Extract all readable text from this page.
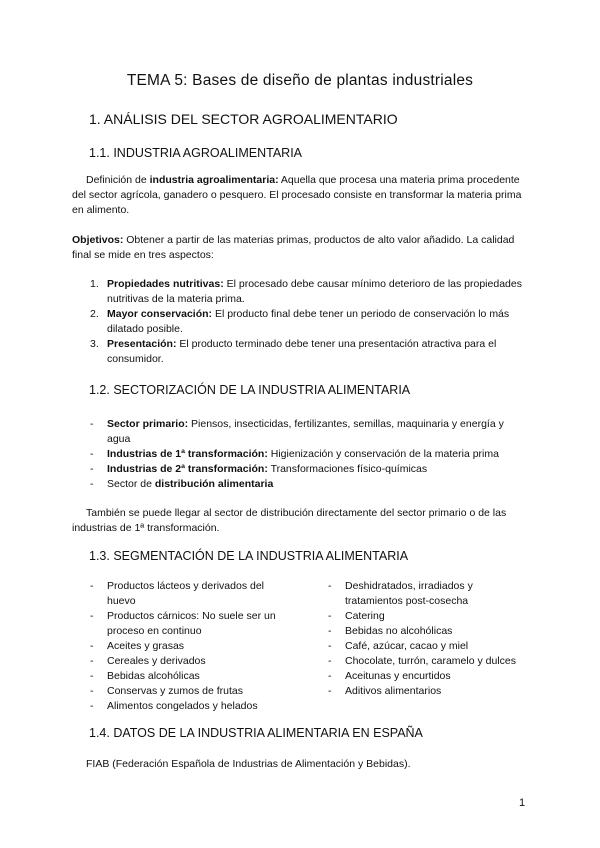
TEMA 5: Bases de diseño de plantas industriales
1. ANÁLISIS DEL SECTOR AGROALIMENTARIO
1.1. INDUSTRIA AGROALIMENTARIA

Definición de industria agroalimentaria: Aquella que procesa una materia prima procedente del sector agrícola, ganadero o pesquero. El procesado consiste en transformar la materia prima en alimento.

Objetivos: Obtener a partir de las materias primas, productos de alto valor añadido. La calidad final se mide en tres aspectos:

1. Propiedades nutritivas: El procesado debe causar mínimo deterioro de las propiedades nutritivas de la materia prima.
2. Mayor conservación: El producto final debe tener un periodo de conservación lo más dilatado posible.
3. Presentación: El producto terminado debe tener una presentación atractiva para el consumidor.
1.2. SECTORIZACIÓN DE LA INDUSTRIA ALIMENTARIA
- Sector primario: Piensos, insecticidas, fertilizantes, semillas, maquinaria y energía y agua
- Industrias de 1ª transformación: Higienización y conservación de la materia prima
- Industrias de 2ª transformación: Transformaciones físico-químicas
- Sector de distribución alimentaria

También se puede llegar al sector de distribución directamente del sector primario o de las industrias de 1ª transformación.

1.3. SEGMENTACIÓN DE LA INDUSTRIA ALIMENTARIA
- Productos lácteos y derivados del huevo
- Productos cárnicos: No suele ser un proceso en continuo
- Aceites y grasas
- Cereales y derivados
- Bebidas alcohólicas
- Conservas y zumos de frutas
- Alimentos congelados y helados
- Deshidratados, irradiados y tratamientos post-cosecha
- Catering
- Bebidas no alcohólicas
- Café, azúcar, cacao y miel
- Chocolate, turrón, caramelo y dulces
- Aceitunas y encurtidos
- Aditivos alimentarios
1.4. DATOS DE LA INDUSTRIA ALIMENTARIA EN ESPAÑA

FIAB (Federación Española de Industrias de Alimentación y Bebidas).

1
